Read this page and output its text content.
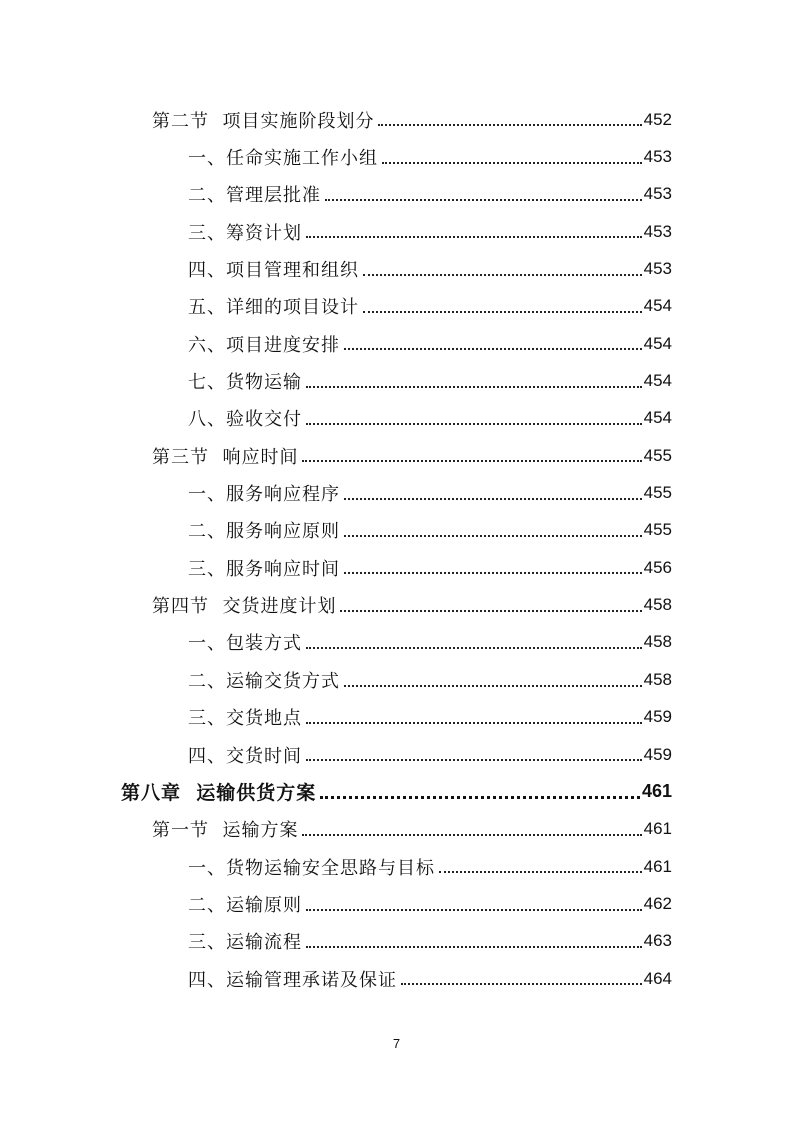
第二节 项目实施阶段划分	452
一、任命实施工作小组	453
二、管理层批准	453
三、筹资计划	453
四、项目管理和组织	453
五、详细的项目设计	454
六、项目进度安排	454
七、货物运输	454
八、验收交付	454
第三节 响应时间	455
一、服务响应程序	455
二、服务响应原则	455
三、服务响应时间	456
第四节 交货进度计划	458
一、包装方式	458
二、运输交货方式	458
三、交货地点	459
四、交货时间	459
第八章 运输供货方案	461
第一节 运输方案	461
一、货物运输安全思路与目标	461
二、运输原则	462
三、运输流程	463
四、运输管理承诺及保证	464
7
